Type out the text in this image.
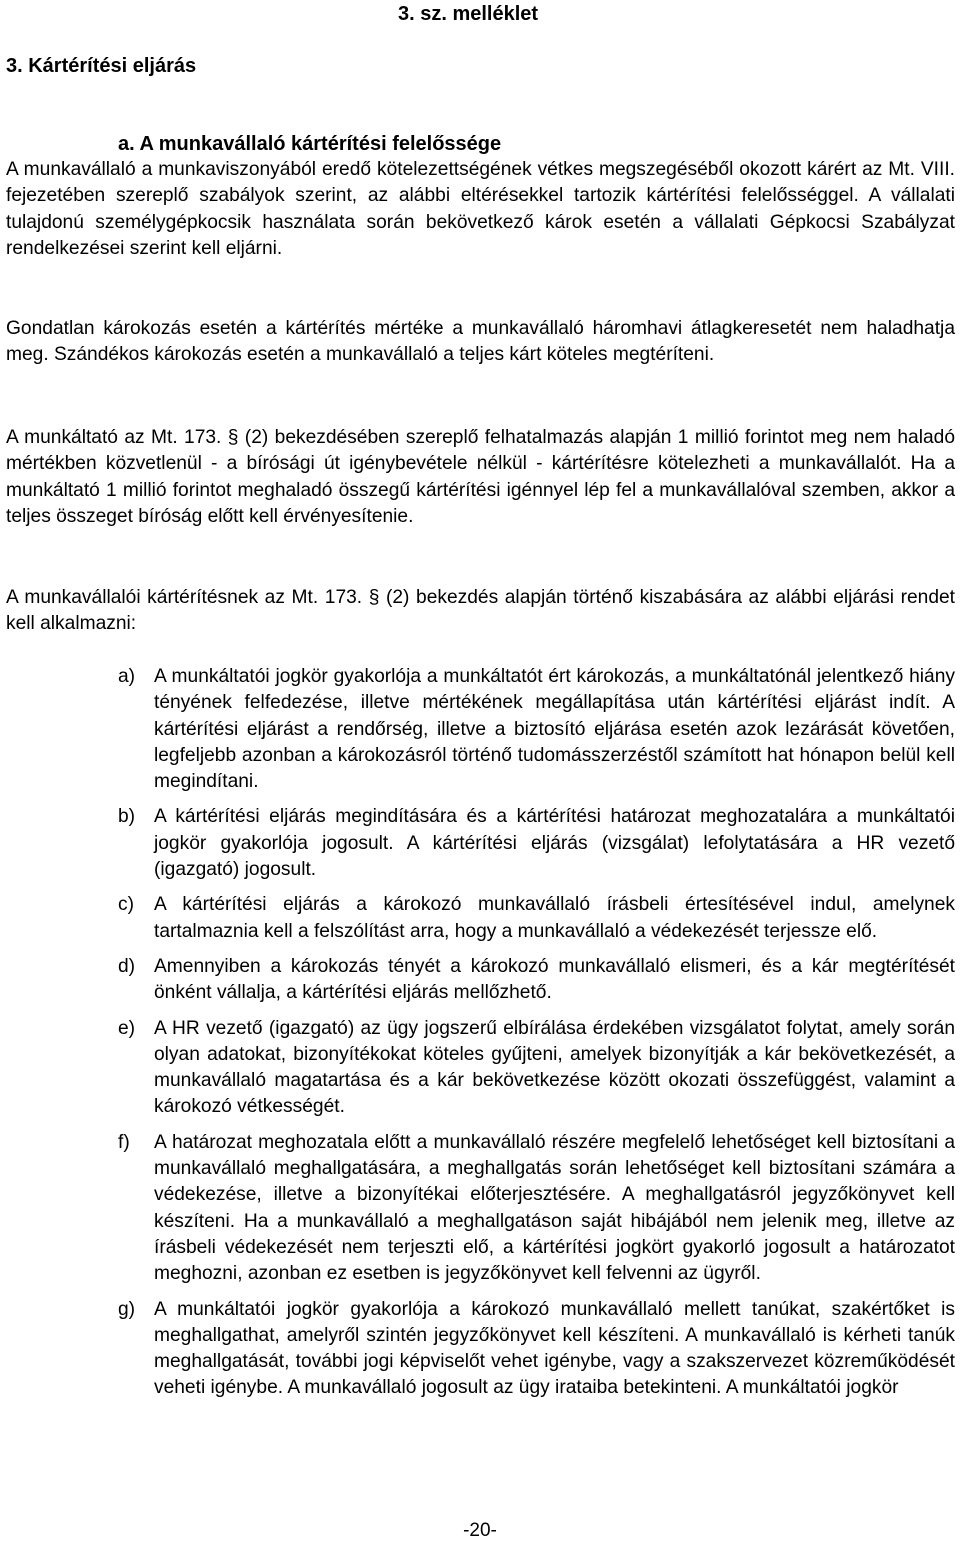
3. sz. melléklet
3. Kártérítési eljárás
a. A munkavállaló kártérítési felelőssége

A munkavállaló a munkaviszonyából eredő kötelezettségének vétkes megszegéséből okozott kárért az Mt. VIII. fejezetében szereplő szabályok szerint, az alábbi eltérésekkel tartozik kártérítési felelősséggel. A vállalati tulajdonú személygépkocsik használata során bekövetkező károk esetén a vállalati Gépkocsi Szabályzat rendelkezései szerint kell eljárni.

Gondatlan károkozás esetén a kártérítés mértéke a munkavállaló háromhavi átlagkeresetét nem haladhatja meg. Szándékos károkozás esetén a munkavállaló a teljes kárt köteles megtéríteni.

A munkáltató az Mt. 173. § (2) bekezdésében szereplő felhatalmazás alapján 1 millió forintot meg nem haladó mértékben közvetlenül - a bírósági út igénybevétele nélkül - kártérítésre kötelezheti a munkavállalót. Ha a munkáltató 1 millió forintot meghaladó összegű kártérítési igénnyel lép fel a munkavállalóval szemben, akkor a teljes összeget bíróság előtt kell érvényesítenie.

A munkavállalói kártérítésnek az Mt. 173. § (2) bekezdés alapján történő kiszabására az alábbi eljárási rendet kell alkalmazni:

a) A munkáltatói jogkör gyakorlója a munkáltatót ért károkozás, a munkáltatónál jelentkező hiány tényének felfedezése, illetve mértékének megállapítása után kártérítési eljárást indít. A kártérítési eljárást a rendőrség, illetve a biztosító eljárása esetén azok lezárását követően, legfeljebb azonban a károkozásról történő tudomásszerzéstől számított hat hónapon belül kell megindítani.
b) A kártérítési eljárás megindítására és a kártérítési határozat meghozatalára a munkáltatói jogkör gyakorlója jogosult. A kártérítési eljárás (vizsgálat) lefolytatására a HR vezető (igazgató) jogosult.
c) A kártérítési eljárás a károkozó munkavállaló írásbeli értesítésével indul, amelynek tartalmaznia kell a felszólítást arra, hogy a munkavállaló a védekezését terjessze elő.
d) Amennyiben a károkozás tényét a károkozó munkavállaló elismeri, és a kár megtérítését önként vállalja, a kártérítési eljárás mellőzhető.
e) A HR vezető (igazgató) az ügy jogszerű elbírálása érdekében vizsgálatot folytat, amely során olyan adatokat, bizonyítékokat köteles gyűjteni, amelyek bizonyítják a kár bekövetkezését, a munkavállaló magatartása és a kár bekövetkezése között okozati összefüggést, valamint a károkozó vétkességét.
f) A határozat meghozatala előtt a munkavállaló részére megfelelő lehetőséget kell biztosítani a munkavállaló meghallgatására, a meghallgatás során lehetőséget kell biztosítani számára a védekezése, illetve a bizonyítékai előterjesztésére. A meghallgatásról jegyzőkönyvet kell készíteni. Ha a munkavállaló a meghallgatáson saját hibájából nem jelenik meg, illetve az írásbeli védekezését nem terjeszti elő, a kártérítési jogkört gyakorló jogosult a határozatot meghozni, azonban ez esetben is jegyzőkönyvet kell felvenni az ügyről.
g) A munkáltatói jogkör gyakorlója a károkozó munkavállaló mellett tanúkat, szakértőket is meghallgathat, amelyről szintén jegyzőkönyvet kell készíteni. A munkavállaló is kérheti tanúk meghallgatását, további jogi képviselőt vehet igénybe, vagy a szakszervezet közreműködését veheti igénybe. A munkavállaló jogosult az ügy irataiba betekinteni. A munkáltatói jogkör
-20-
